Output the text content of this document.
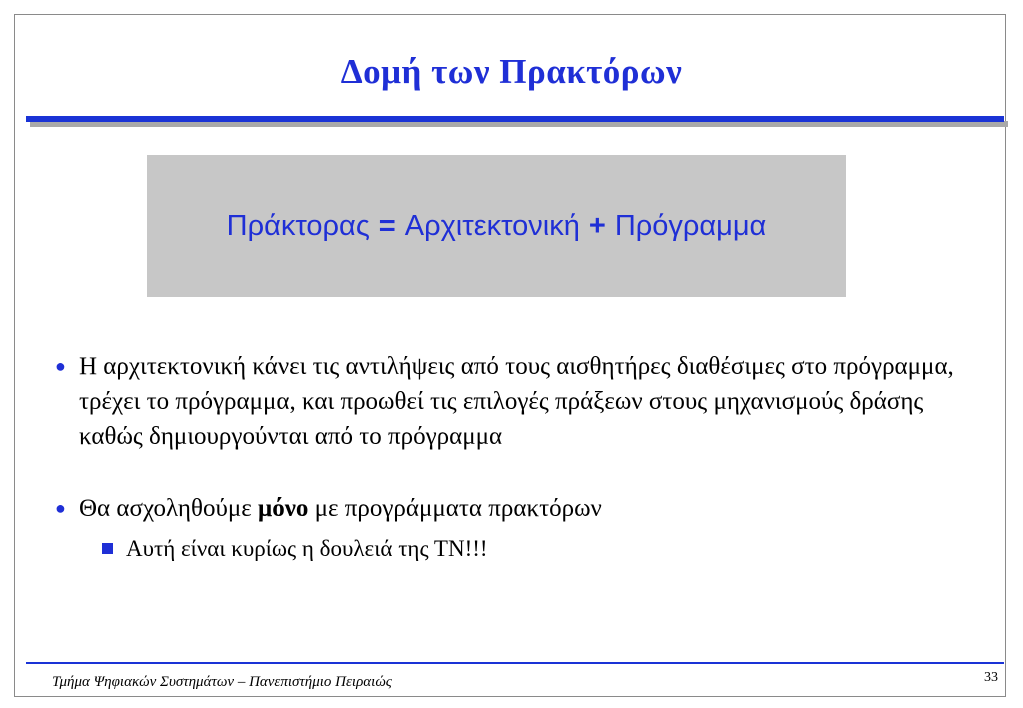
Δομή των Πρακτόρων
Πράκτορας = Αρχιτεκτονική + Πρόγραμμα
● Η αρχιτεκτονική κάνει τις αντιλήψεις από τους αισθητήρες διαθέσιμες στο πρόγραμμα, τρέχει το πρόγραμμα, και προωθεί τις επιλογές πράξεων στους μηχανισμούς δράσης καθώς δημιουργούνται από το πρόγραμμα
● Θα ασχοληθούμε μόνο με προγράμματα πρακτόρων
Αυτή είναι κυρίως η δουλειά της ΤΝ!!!
Τμήμα Ψηφιακών Συστημάτων – Πανεπιστήμιο Πειραιώς	33
